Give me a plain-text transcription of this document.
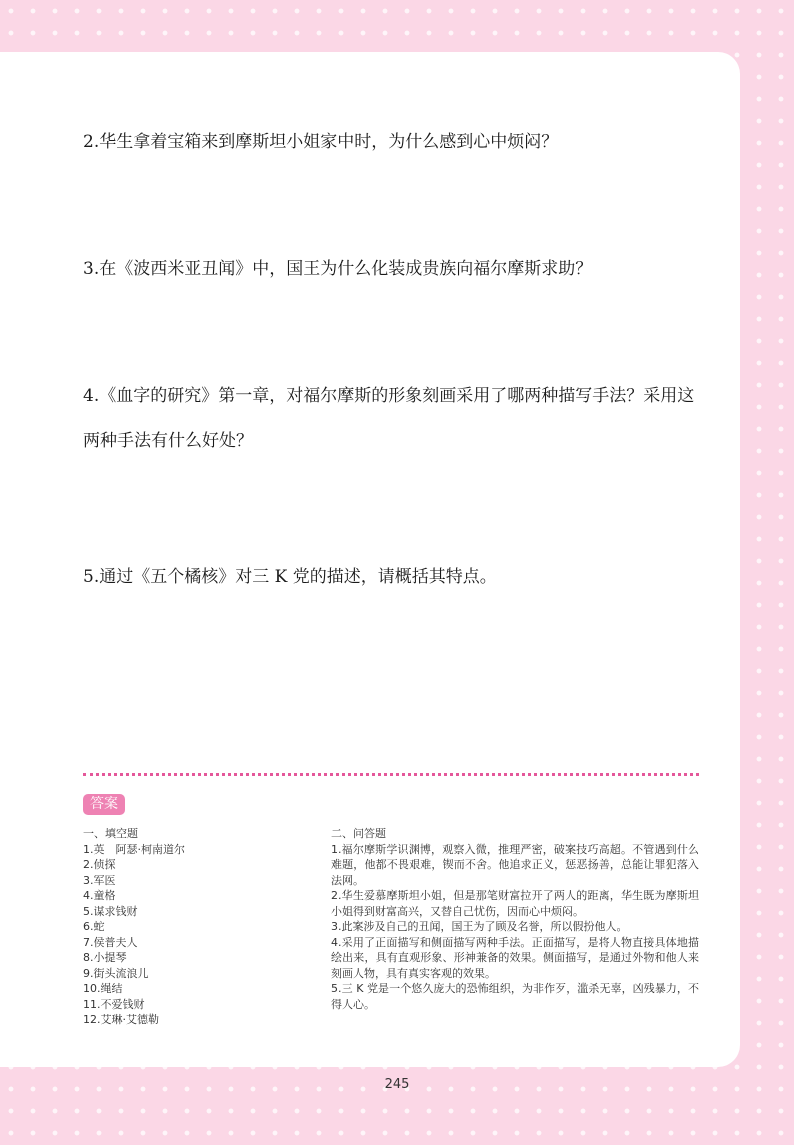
2.华生拿着宝箱来到摩斯坦小姐家中时，为什么感到心中烦闷？

3.在《波西米亚丑闻》中，国王为什么化装成贵族向福尔摩斯求助？

4.《血字的研究》第一章，对福尔摩斯的形象刻画采用了哪两种描写手法？采用这两种手法有什么好处？

5.通过《五个橘核》对三 K 党的描述，请概括其特点。

答案
一、填空题
1.英　阿瑟·柯南道尔
2.侦探
3.军医
4.童格
5.谋求钱财
6.蛇
7.侯普夫人
8.小提琴
9.街头流浪儿
10.绳结
11.不爱钱财
12.艾琳·艾德勒
二、问答题
1.福尔摩斯学识渊博，观察入微，推理严密，破案技巧高超。不管遇到什么难题，他都不畏艰难，锲而不舍。他追求正义，惩恶扬善，总能让罪犯落入法网。
2.华生爱慕摩斯坦小姐，但是那笔财富拉开了两人的距离，华生既为摩斯坦小姐得到财富高兴，又替自己忧伤，因而心中烦闷。
3.此案涉及自己的丑闻，国王为了顾及名誉，所以假扮他人。
4.采用了正面描写和侧面描写两种手法。正面描写，是将人物直接具体地描绘出来，具有直观形象、形神兼备的效果。侧面描写，是通过外物和他人来刻画人物，具有真实客观的效果。
5.三 K 党是一个悠久庞大的恐怖组织，为非作歹，滥杀无辜，凶残暴力，不得人心。
245
